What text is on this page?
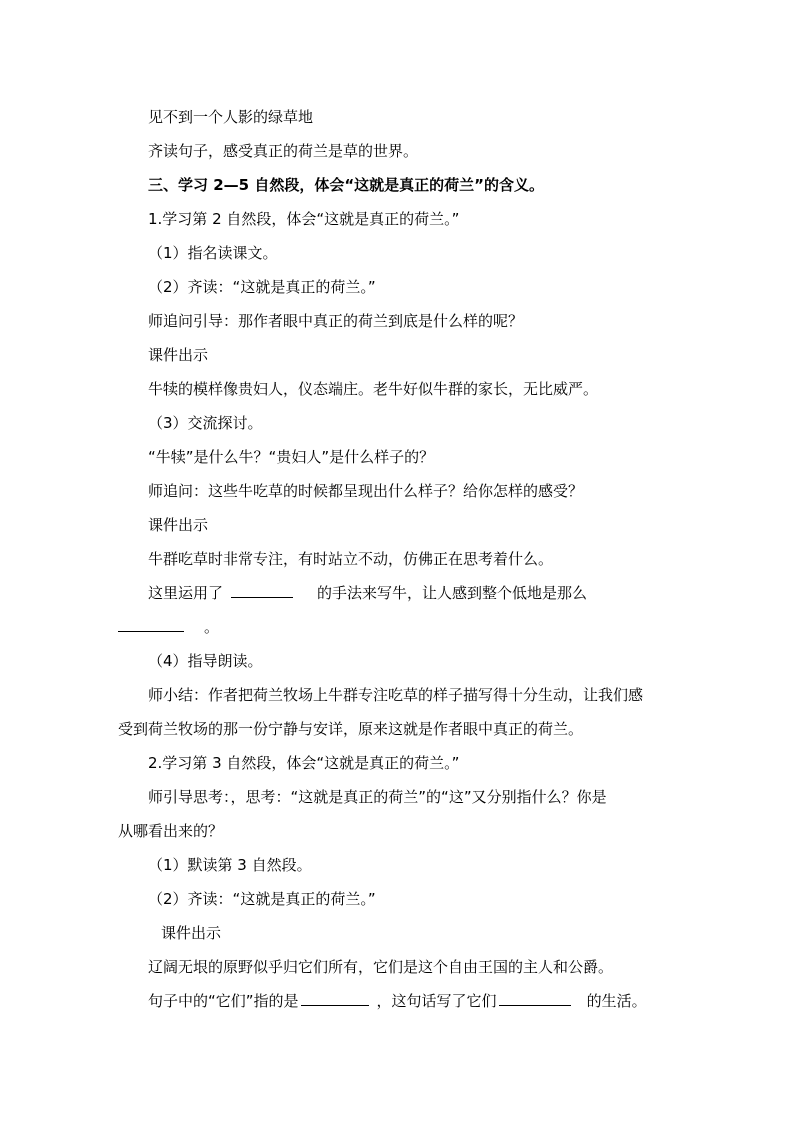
见不到一个人影的绿草地
齐读句子，感受真正的荷兰是草的世界。
三、学习 2—5 自然段，体会“这就是真正的荷兰”的含义。
1.学习第 2 自然段，体会“这就是真正的荷兰。”
（1）指名读课文。
（2）齐读：“这就是真正的荷兰。”
师追问引导：那作者眼中真正的荷兰到底是什么样的呢？
课件出示
牛犊的模样像贵妇人，仪态端庄。老牛好似牛群的家长，无比威严。
（3）交流探讨。
“牛犊”是什么牛？“贵妇人”是什么样子的？
师追问：这些牛吃草的时候都呈现出什么样子？给你怎样的感受？
课件出示
牛群吃草时非常专注，有时站立不动，仿佛正在思考着什么。
这里运用了	的手法来写牛，让人感到整个低地是那么
。
（4）指导朗读。
师小结：作者把荷兰牧场上牛群专注吃草的样子描写得十分生动，让我们感
受到荷兰牧场的那一份宁静与安详，原来这就是作者眼中真正的荷兰。
2.学习第 3 自然段，体会“这就是真正的荷兰。”
师引导思考：，思考：“这就是真正的荷兰”的“这”又分别指什么？你是
从哪看出来的？
（1）默读第 3 自然段。
（2）齐读：“这就是真正的荷兰。”
课件出示
辽阔无垠的原野似乎归它们所有，它们是这个自由王国的主人和公爵。
句子中的“它们”指的是	，这句话写了它们	的生活。
